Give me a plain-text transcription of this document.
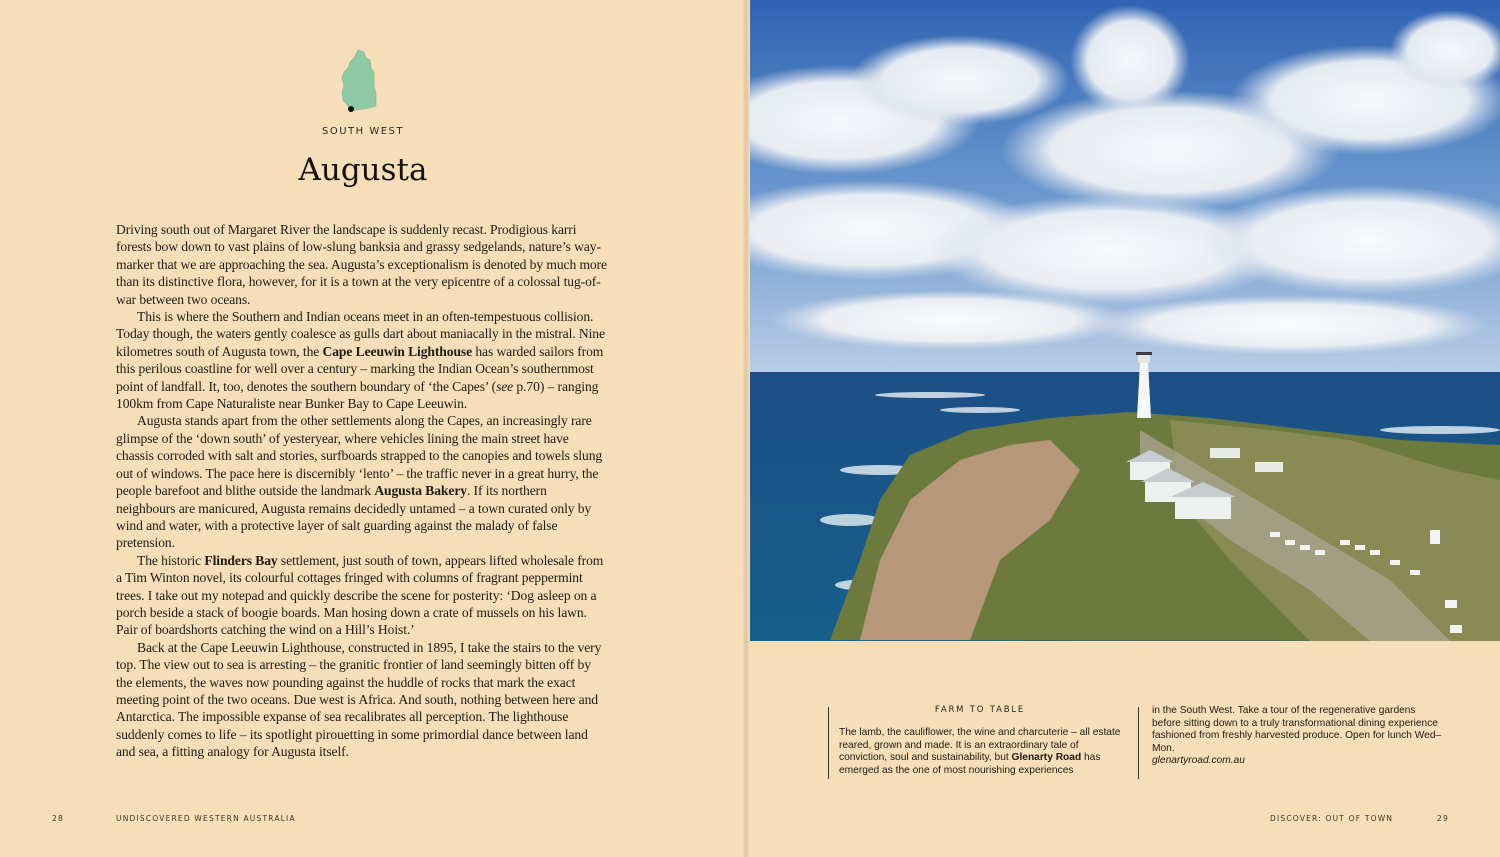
SOUTH WEST
Augusta

Driving south out of Margaret River the landscape is suddenly recast. Prodigious karri forests bow down to vast plains of low-slung banksia and grassy sedgelands, nature’s way-marker that we are approaching the sea. Augusta’s exceptionalism is denoted by much more than its distinctive flora, however, for it is a town at the very epicentre of a colossal tug-of-war between two oceans.

This is where the Southern and Indian oceans meet in an often-tempestuous collision. Today though, the waters gently coalesce as gulls dart about maniacally in the mistral. Nine kilometres south of Augusta town, the Cape Leeuwin Lighthouse has warded sailors from this perilous coastline for well over a century – marking the Indian Ocean’s southernmost point of landfall. It, too, denotes the southern boundary of ‘the Capes’ (see p.70) – ranging 100km from Cape Naturaliste near Bunker Bay to Cape Leeuwin.

Augusta stands apart from the other settlements along the Capes, an increasingly rare glimpse of the ‘down south’ of yesteryear, where vehicles lining the main street have chassis corroded with salt and stories, surfboards strapped to the canopies and towels slung out of windows. The pace here is discernibly ‘lento’ – the traffic never in a great hurry, the people barefoot and blithe outside the landmark Augusta Bakery. If its northern neighbours are manicured, Augusta remains decidedly untamed – a town curated only by wind and water, with a protective layer of salt guarding against the malady of false pretension.

The historic Flinders Bay settlement, just south of town, appears lifted wholesale from a Tim Winton novel, its colourful cottages fringed with columns of fragrant peppermint trees. I take out my notepad and quickly describe the scene for posterity: ‘Dog asleep on a porch beside a stack of boogie boards. Man hosing down a crate of mussels on his lawn. Pair of boardshorts catching the wind on a Hill’s Hoist.’

Back at the Cape Leeuwin Lighthouse, constructed in 1895, I take the stairs to the very top. The view out to sea is arresting – the granitic frontier of land seemingly bitten off by the elements, the waves now pounding against the huddle of rocks that mark the exact meeting point of the two oceans. Due west is Africa. And south, nothing between here and Antarctica. The impossible expanse of sea recalibrates all perception. The lighthouse suddenly comes to life – its spotlight pirouetting in some primordial dance between land and sea, a fitting analogy for Augusta itself.

28	UNDISCOVERED WESTERN AUSTRALIA
FARM TO TABLE

The lamb, the cauliflower, the wine and charcuterie – all estate reared, grown and made. It is an extraordinary tale of conviction, soul and sustainability, but Glenarty Road has emerged as the one of most nourishing experiences

in the South West. Take a tour of the regenerative gardens before sitting down to a truly transformational dining experience fashioned from freshly harvested produce. Open for lunch Wed–Mon.
glenartyroad.com.au

DISCOVER: OUT OF TOWN	29
